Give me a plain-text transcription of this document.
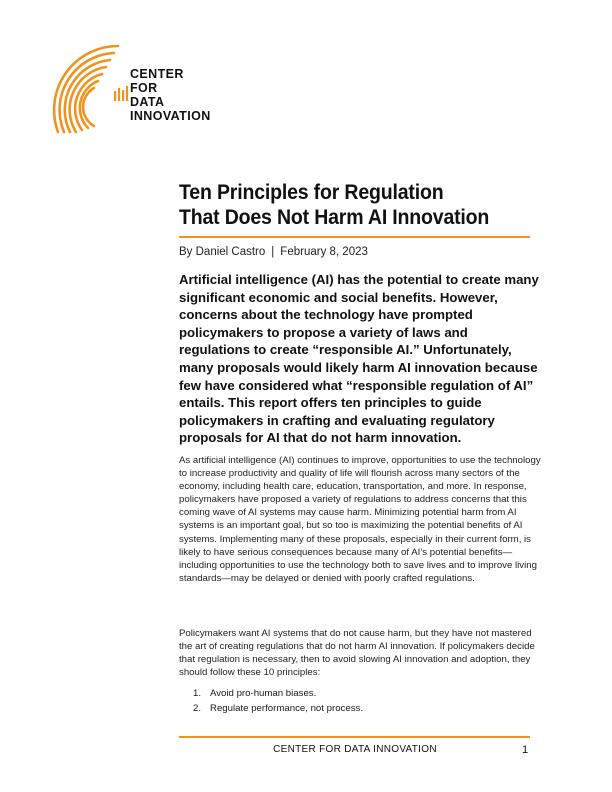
CENTER
FOR
DATA
INNOVATION
Ten Principles for Regulation
That Does Not Harm AI Innovation
By Daniel Castro | February 8, 2023

Artificial intelligence (AI) has the potential to create many significant economic and social benefits. However, concerns about the technology have prompted policymakers to propose a variety of laws and regulations to create “responsible AI.” Unfortunately, many proposals would likely harm AI innovation because few have considered what “responsible regulation of AI” entails. This report offers ten principles to guide policymakers in crafting and evaluating regulatory proposals for AI that do not harm innovation.

As artificial intelligence (AI) continues to improve, opportunities to use the technology to increase productivity and quality of life will flourish across many sectors of the economy, including health care, education, transportation, and more. In response, policymakers have proposed a variety of regulations to address concerns that this coming wave of AI systems may cause harm. Minimizing potential harm from AI systems is an important goal, but so too is maximizing the potential benefits of AI systems. Implementing many of these proposals, especially in their current form, is likely to have serious consequences because many of AI’s potential benefits—including opportunities to use the technology both to save lives and to improve living standards—may be delayed or denied with poorly crafted regulations.

Policymakers want AI systems that do not cause harm, but they have not mastered the art of creating regulations that do not harm AI innovation. If policymakers decide that regulation is necessary, then to avoid slowing AI innovation and adoption, they should follow these 10 principles:

1. Avoid pro-human biases.
2. Regulate performance, not process.
CENTER FOR DATA INNOVATION	1
